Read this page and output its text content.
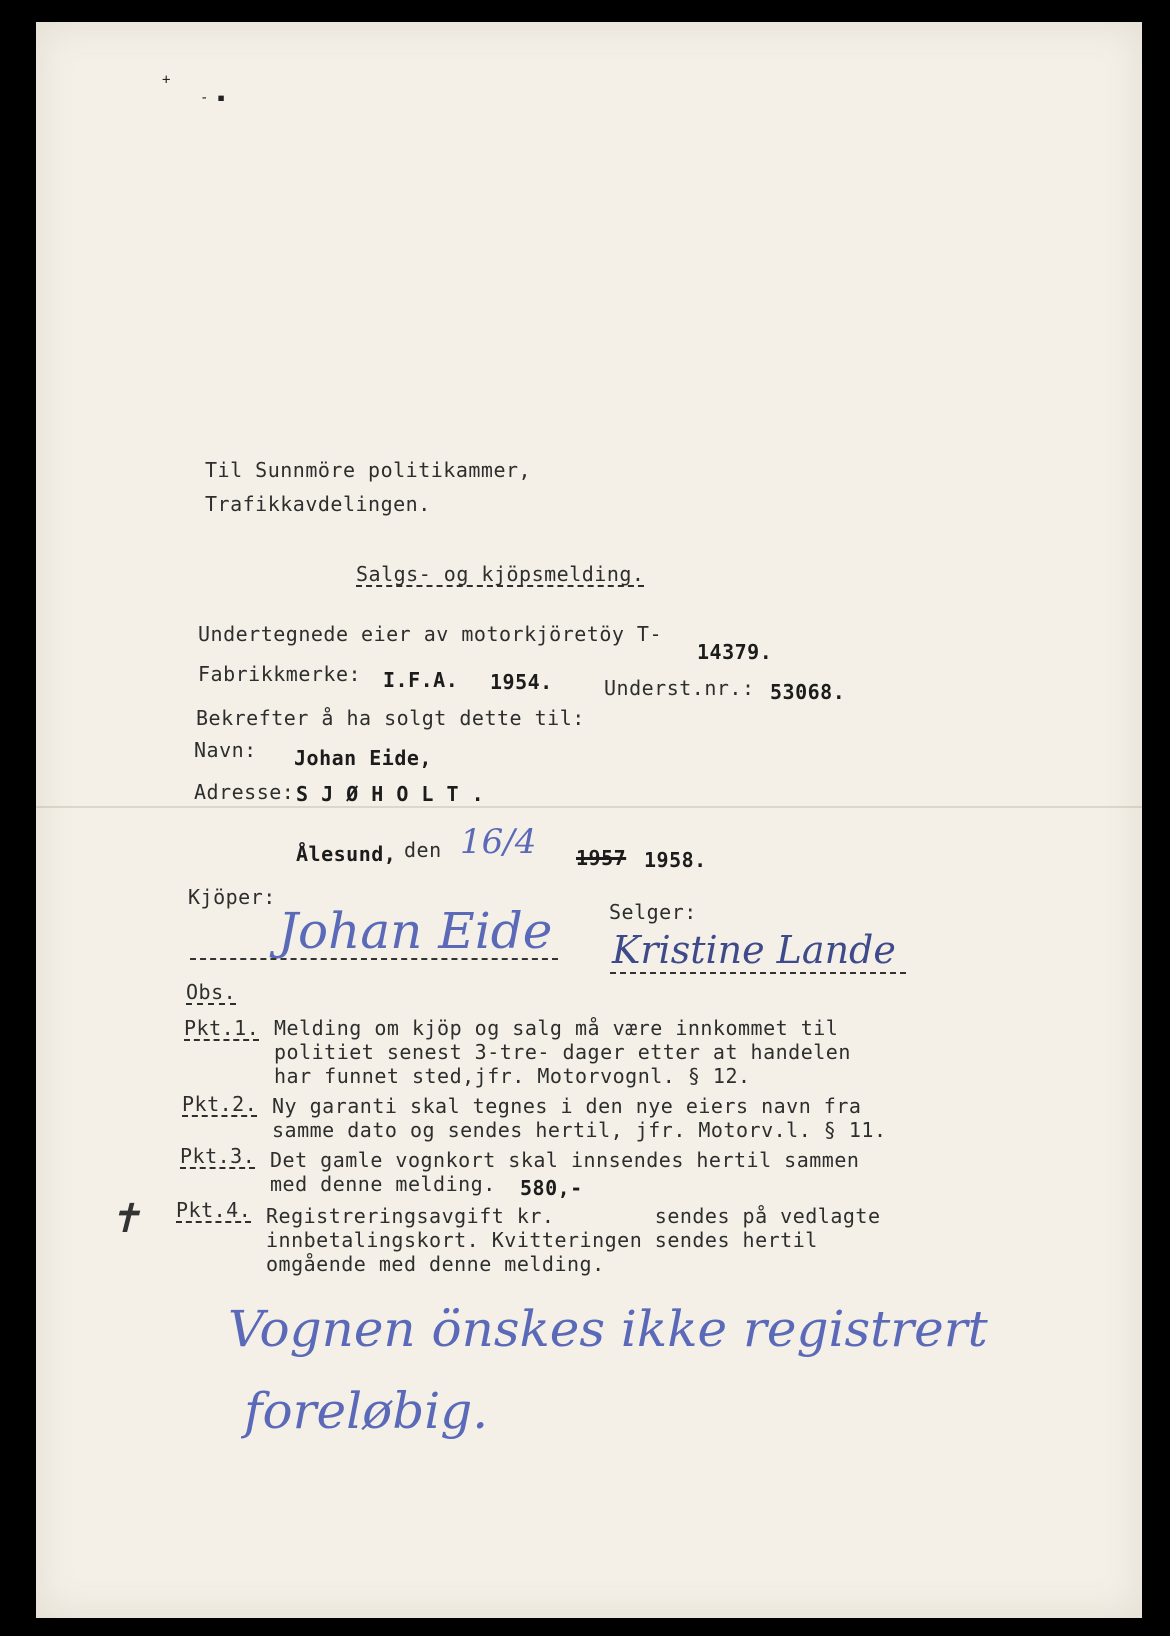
+
- ▪
Til Sunnmöre politikammer,
Trafikkavdelingen.
Salgs- og kjöpsmelding.
Undertegnede eier av motorkjöretöy T-
14379.
Fabrikkmerke: I.F.A. 1954.	Underst.nr.: 53068.
Bekrefter å ha solgt dette til:
Navn: Johan Eide,
Adresse: S J Ø H O L T .
Ålesund, den 16/4 1957 1958.
Kjöper:
Johan Eide	Selger:
Kristine Lande
Obs.
Pkt.1. Melding om kjöp og salg må være innkommet til
politiet senest 3-tre- dager etter at handelen
har funnet sted,jfr. Motorvognl. § 12.
Pkt.2. Ny garanti skal tegnes i den nye eiers navn fra
samme dato og sendes hertil, jfr. Motorv.l. § 11.
Pkt.3. Det gamle vognkort skal innsendes hertil sammen
med denne melding.
Pkt.4. Registreringsavgift kr.        sendes på vedlagte
innbetalingskort. Kvitteringen sendes hertil
omgående med denne melding.
580,-
✝
Vognen önskes ikke registrert
foreløbig.
